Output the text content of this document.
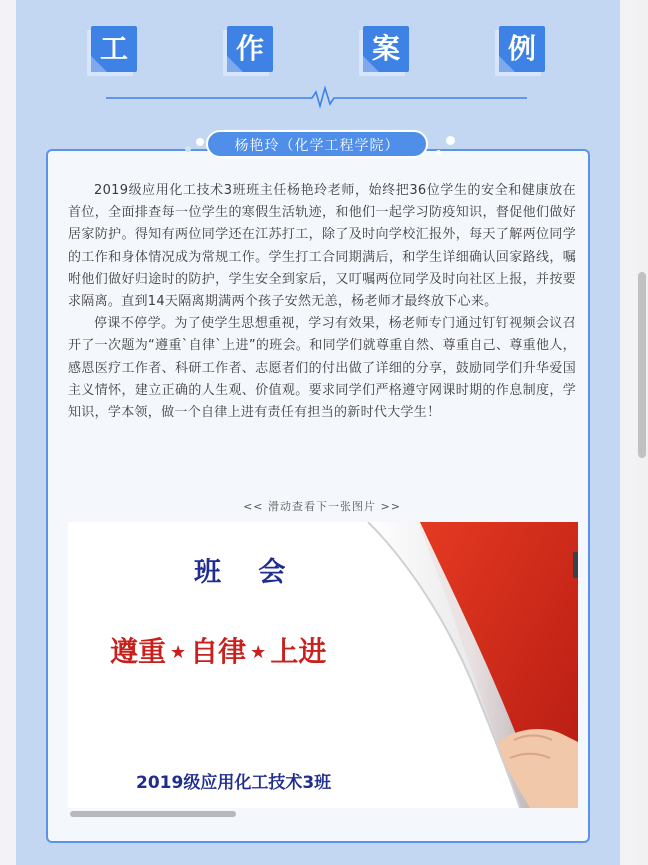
工	作	案	例
杨艳玲（化学工程学院）

2019级应用化工技术3班班主任杨艳玲老师，始终把36位学生的安全和健康放在首位，全面排查每一位学生的寒假生活轨迹，和他们一起学习防疫知识，督促他们做好居家防护。得知有两位同学还在江苏打工，除了及时向学校汇报外，每天了解两位同学的工作和身体情况成为常规工作。学生打工合同期满后，和学生详细确认回家路线，嘱咐他们做好归途时的防护，学生安全到家后，又叮嘱两位同学及时向社区上报，并按要求隔离。直到14天隔离期满两个孩子安然无恙，杨老师才最终放下心来。

停课不停学。为了使学生思想重视，学习有效果，杨老师专门通过钉钉视频会议召开了一次题为“遵重`自律`上进”的班会。和同学们就尊重自然、尊重自己、尊重他人，感恩医疗工作者、科研工作者、志愿者们的付出做了详细的分享，鼓励同学们升华爱国主义情怀，建立正确的人生观、价值观。要求同学们严格遵守网课时期的作息制度，学知识，学本领，做一个自律上进有责任有担当的新时代大学生！

<< 滑动查看下一张图片 >>
班 会
遵重 ★ 自律 ★ 上进
2019级应用化工技术3班
